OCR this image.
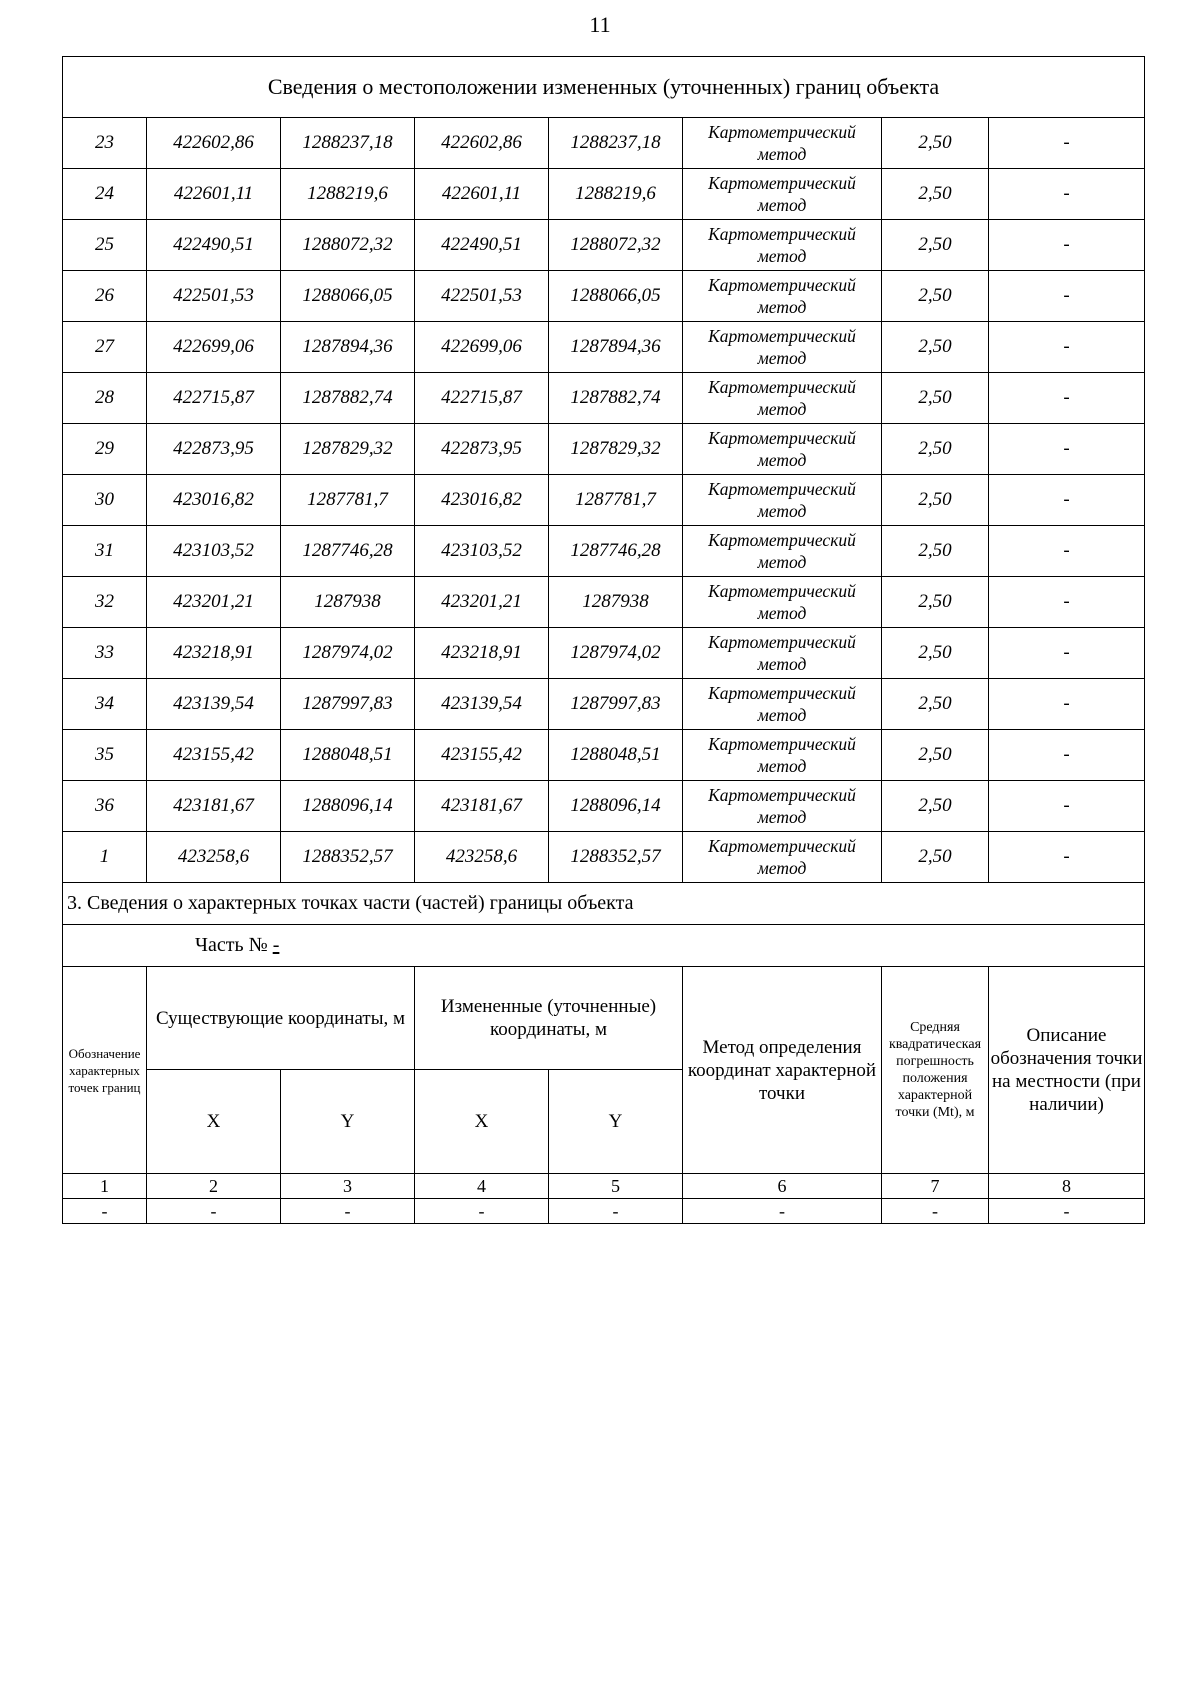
11
Сведения о местоположении измененных (уточненных) границ объекта							
23	422602,86	1288237,18	422602,86	1288237,18	Картометрический метод	2,50	-
24	422601,11	1288219,6	422601,11	1288219,6	Картометрический метод	2,50	-
25	422490,51	1288072,32	422490,51	1288072,32	Картометрический метод	2,50	-
26	422501,53	1288066,05	422501,53	1288066,05	Картометрический метод	2,50	-
27	422699,06	1287894,36	422699,06	1287894,36	Картометрический метод	2,50	-
28	422715,87	1287882,74	422715,87	1287882,74	Картометрический метод	2,50	-
29	422873,95	1287829,32	422873,95	1287829,32	Картометрический метод	2,50	-
30	423016,82	1287781,7	423016,82	1287781,7	Картометрический метод	2,50	-
31	423103,52	1287746,28	423103,52	1287746,28	Картометрический метод	2,50	-
32	423201,21	1287938	423201,21	1287938	Картометрический метод	2,50	-
33	423218,91	1287974,02	423218,91	1287974,02	Картометрический метод	2,50	-
34	423139,54	1287997,83	423139,54	1287997,83	Картометрический метод	2,50	-
35	423155,42	1288048,51	423155,42	1288048,51	Картометрический метод	2,50	-
36	423181,67	1288096,14	423181,67	1288096,14	Картометрический метод	2,50	-
1	423258,6	1288352,57	423258,6	1288352,57	Картометрический метод	2,50	-
3. Сведения о характерных точках части (частей) границы объекта							
Часть № -							
Обозначение характерных точек границ	Существующие координаты, м		Измененные (уточненные) координаты, м		Метод определения координат характерной точки	Средняя квадратическая погрешность положения характерной точки (Mt), м	Описание обозначения точки на местности (при наличии)
	X	Y	X	Y			
1	2	3	4	5	6	7	8
-	-	-	-	-	-	-	-
